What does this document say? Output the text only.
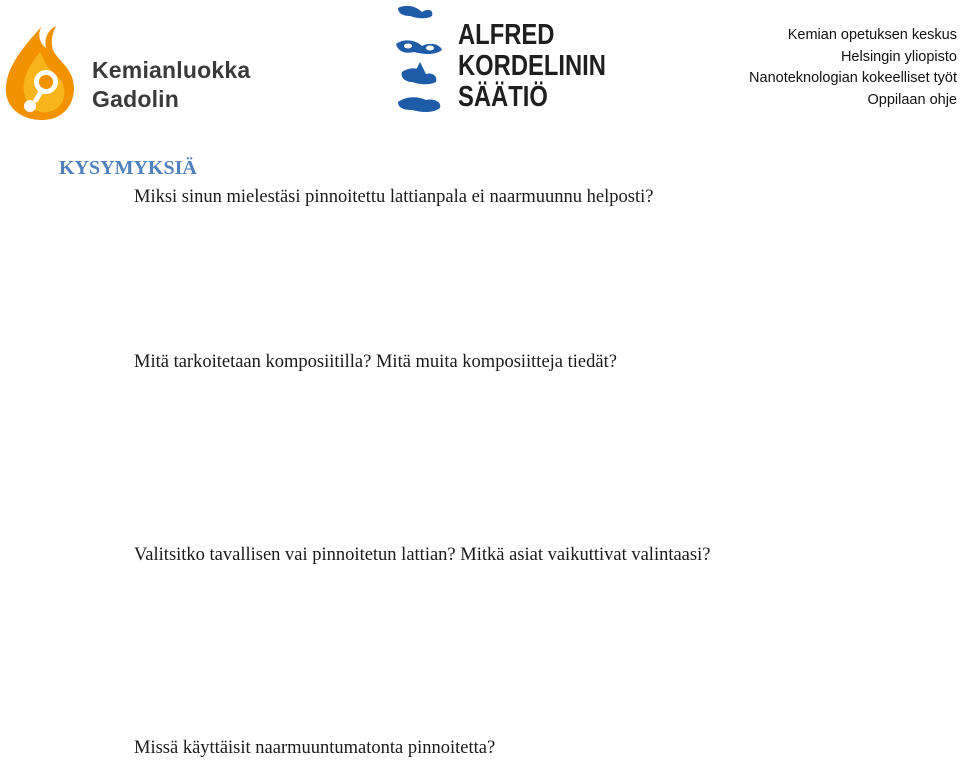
Kemianluokka
Gadolin
ALFRED
KORDELININ
SÄÄTIÖ
Kemian opetuksen keskus
Helsingin yliopisto
Nanoteknologian kokeelliset työt
Oppilaan ohje
KYSYMYKSIÄ
Miksi sinun mielestäsi pinnoitettu lattianpala ei naarmuunnu helposti?
Mitä tarkoitetaan komposiitilla? Mitä muita komposiitteja tiedät?
Valitsitko tavallisen vai pinnoitetun lattian? Mitkä asiat vaikuttivat valintaasi?
Missä käyttäisit naarmuuntumatonta pinnoitetta?
